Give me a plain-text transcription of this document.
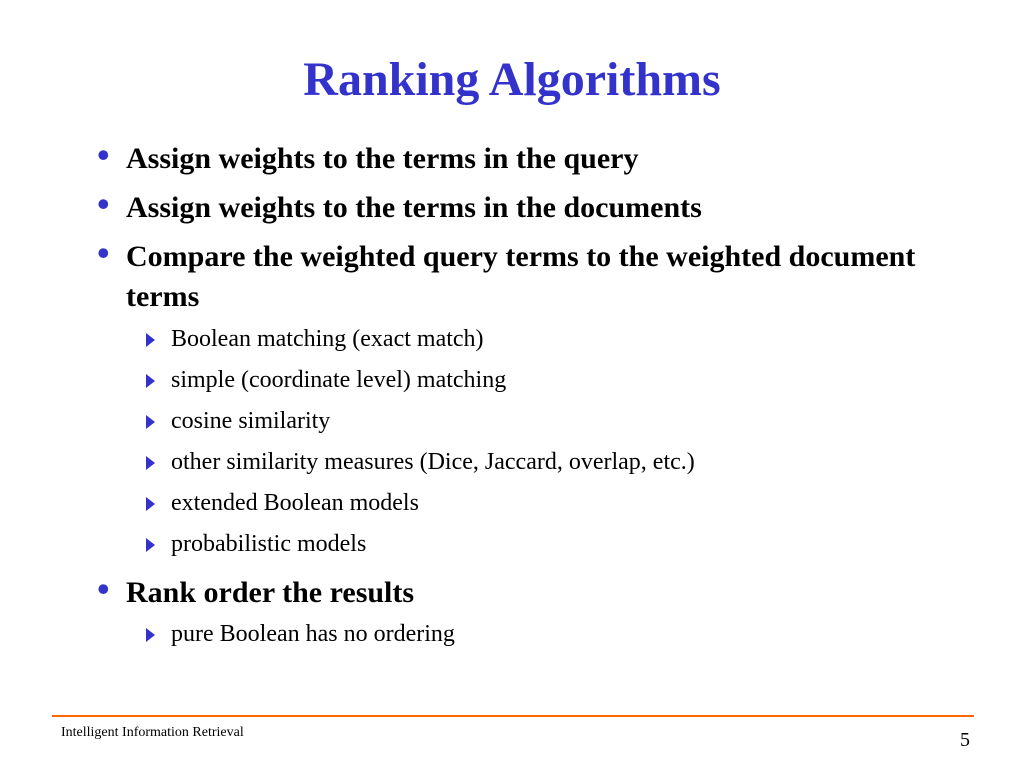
Ranking Algorithms
• Assign weights to the terms in the query
• Assign weights to the terms in the documents
• Compare the weighted query terms to the weighted document terms
Boolean matching (exact match)
simple (coordinate level) matching
cosine similarity
other similarity measures (Dice, Jaccard, overlap, etc.)
extended Boolean models
probabilistic models
• Rank order the results
pure Boolean has no ordering
Intelligent Information Retrieval	5
